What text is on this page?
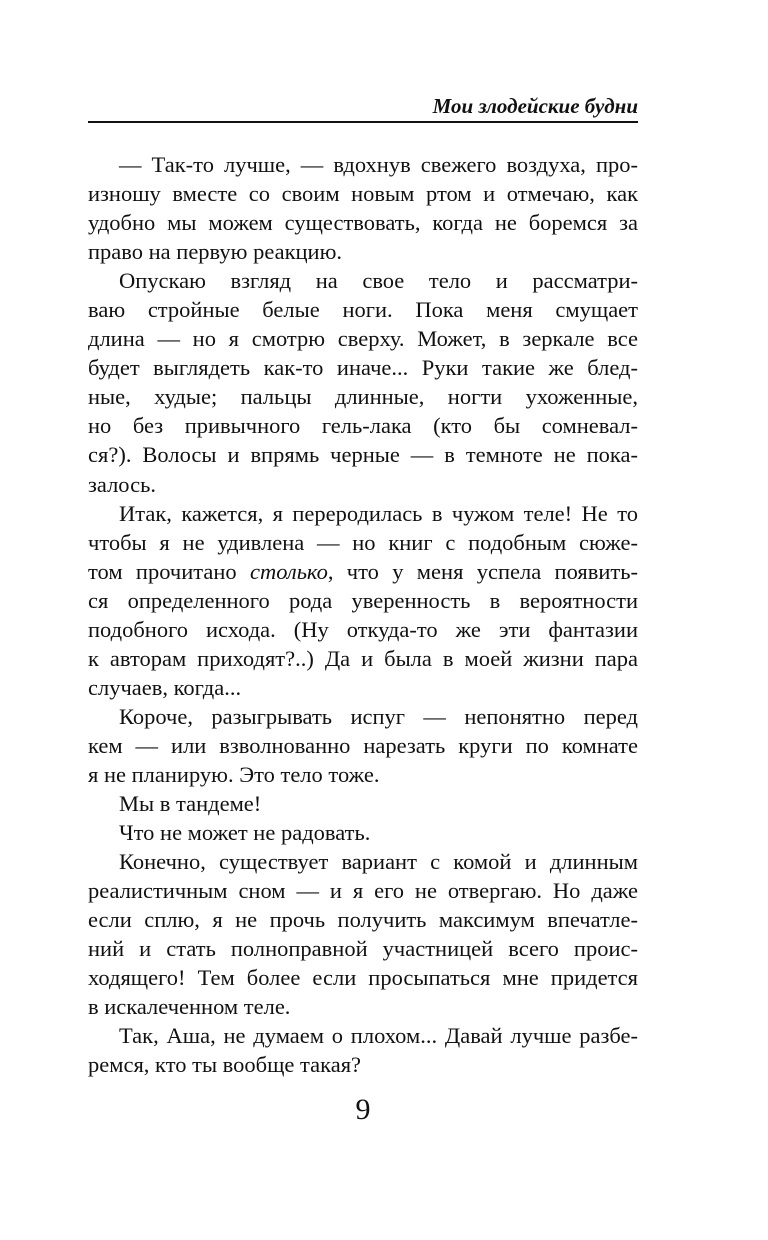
Мои злодейские будни
— Так-то лучше, — вдохнув свежего воздуха, про-
изношу вместе со своим новым ртом и отмечаю, как
удобно мы можем существовать, когда не боремся за
право на первую реакцию.
Опускаю взгляд на свое тело и рассматри-
ваю стройные белые ноги. Пока меня смущает
длина — но я смотрю сверху. Может, в зеркале все
будет выглядеть как-то иначе... Руки такие же блед-
ные, худые; пальцы длинные, ногти ухоженные,
но без привычного гель-лака (кто бы сомневал-
ся?). Волосы и впрямь черные — в темноте не пока-
залось.
Итак, кажется, я переродилась в чужом теле! Не то
чтобы я не удивлена — но книг с подобным сюже-
том прочитано столько, что у меня успела появить-
ся определенного рода уверенность в вероятности
подобного исхода. (Ну откуда-то же эти фантазии
к авторам приходят?..) Да и была в моей жизни пара
случаев, когда...
Короче, разыгрывать испуг — непонятно перед
кем — или взволнованно нарезать круги по комнате
я не планирую. Это тело тоже.
Мы в тандеме!
Что не может не радовать.
Конечно, существует вариант с комой и длинным
реалистичным сном — и я его не отвергаю. Но даже
если сплю, я не прочь получить максимум впечатле-
ний и стать полноправной участницей всего проис-
ходящего! Тем более если просыпаться мне придется
в искалеченном теле.
Так, Аша, не думаем о плохом... Давай лучше разбе-
ремся, кто ты вообще такая?
9
